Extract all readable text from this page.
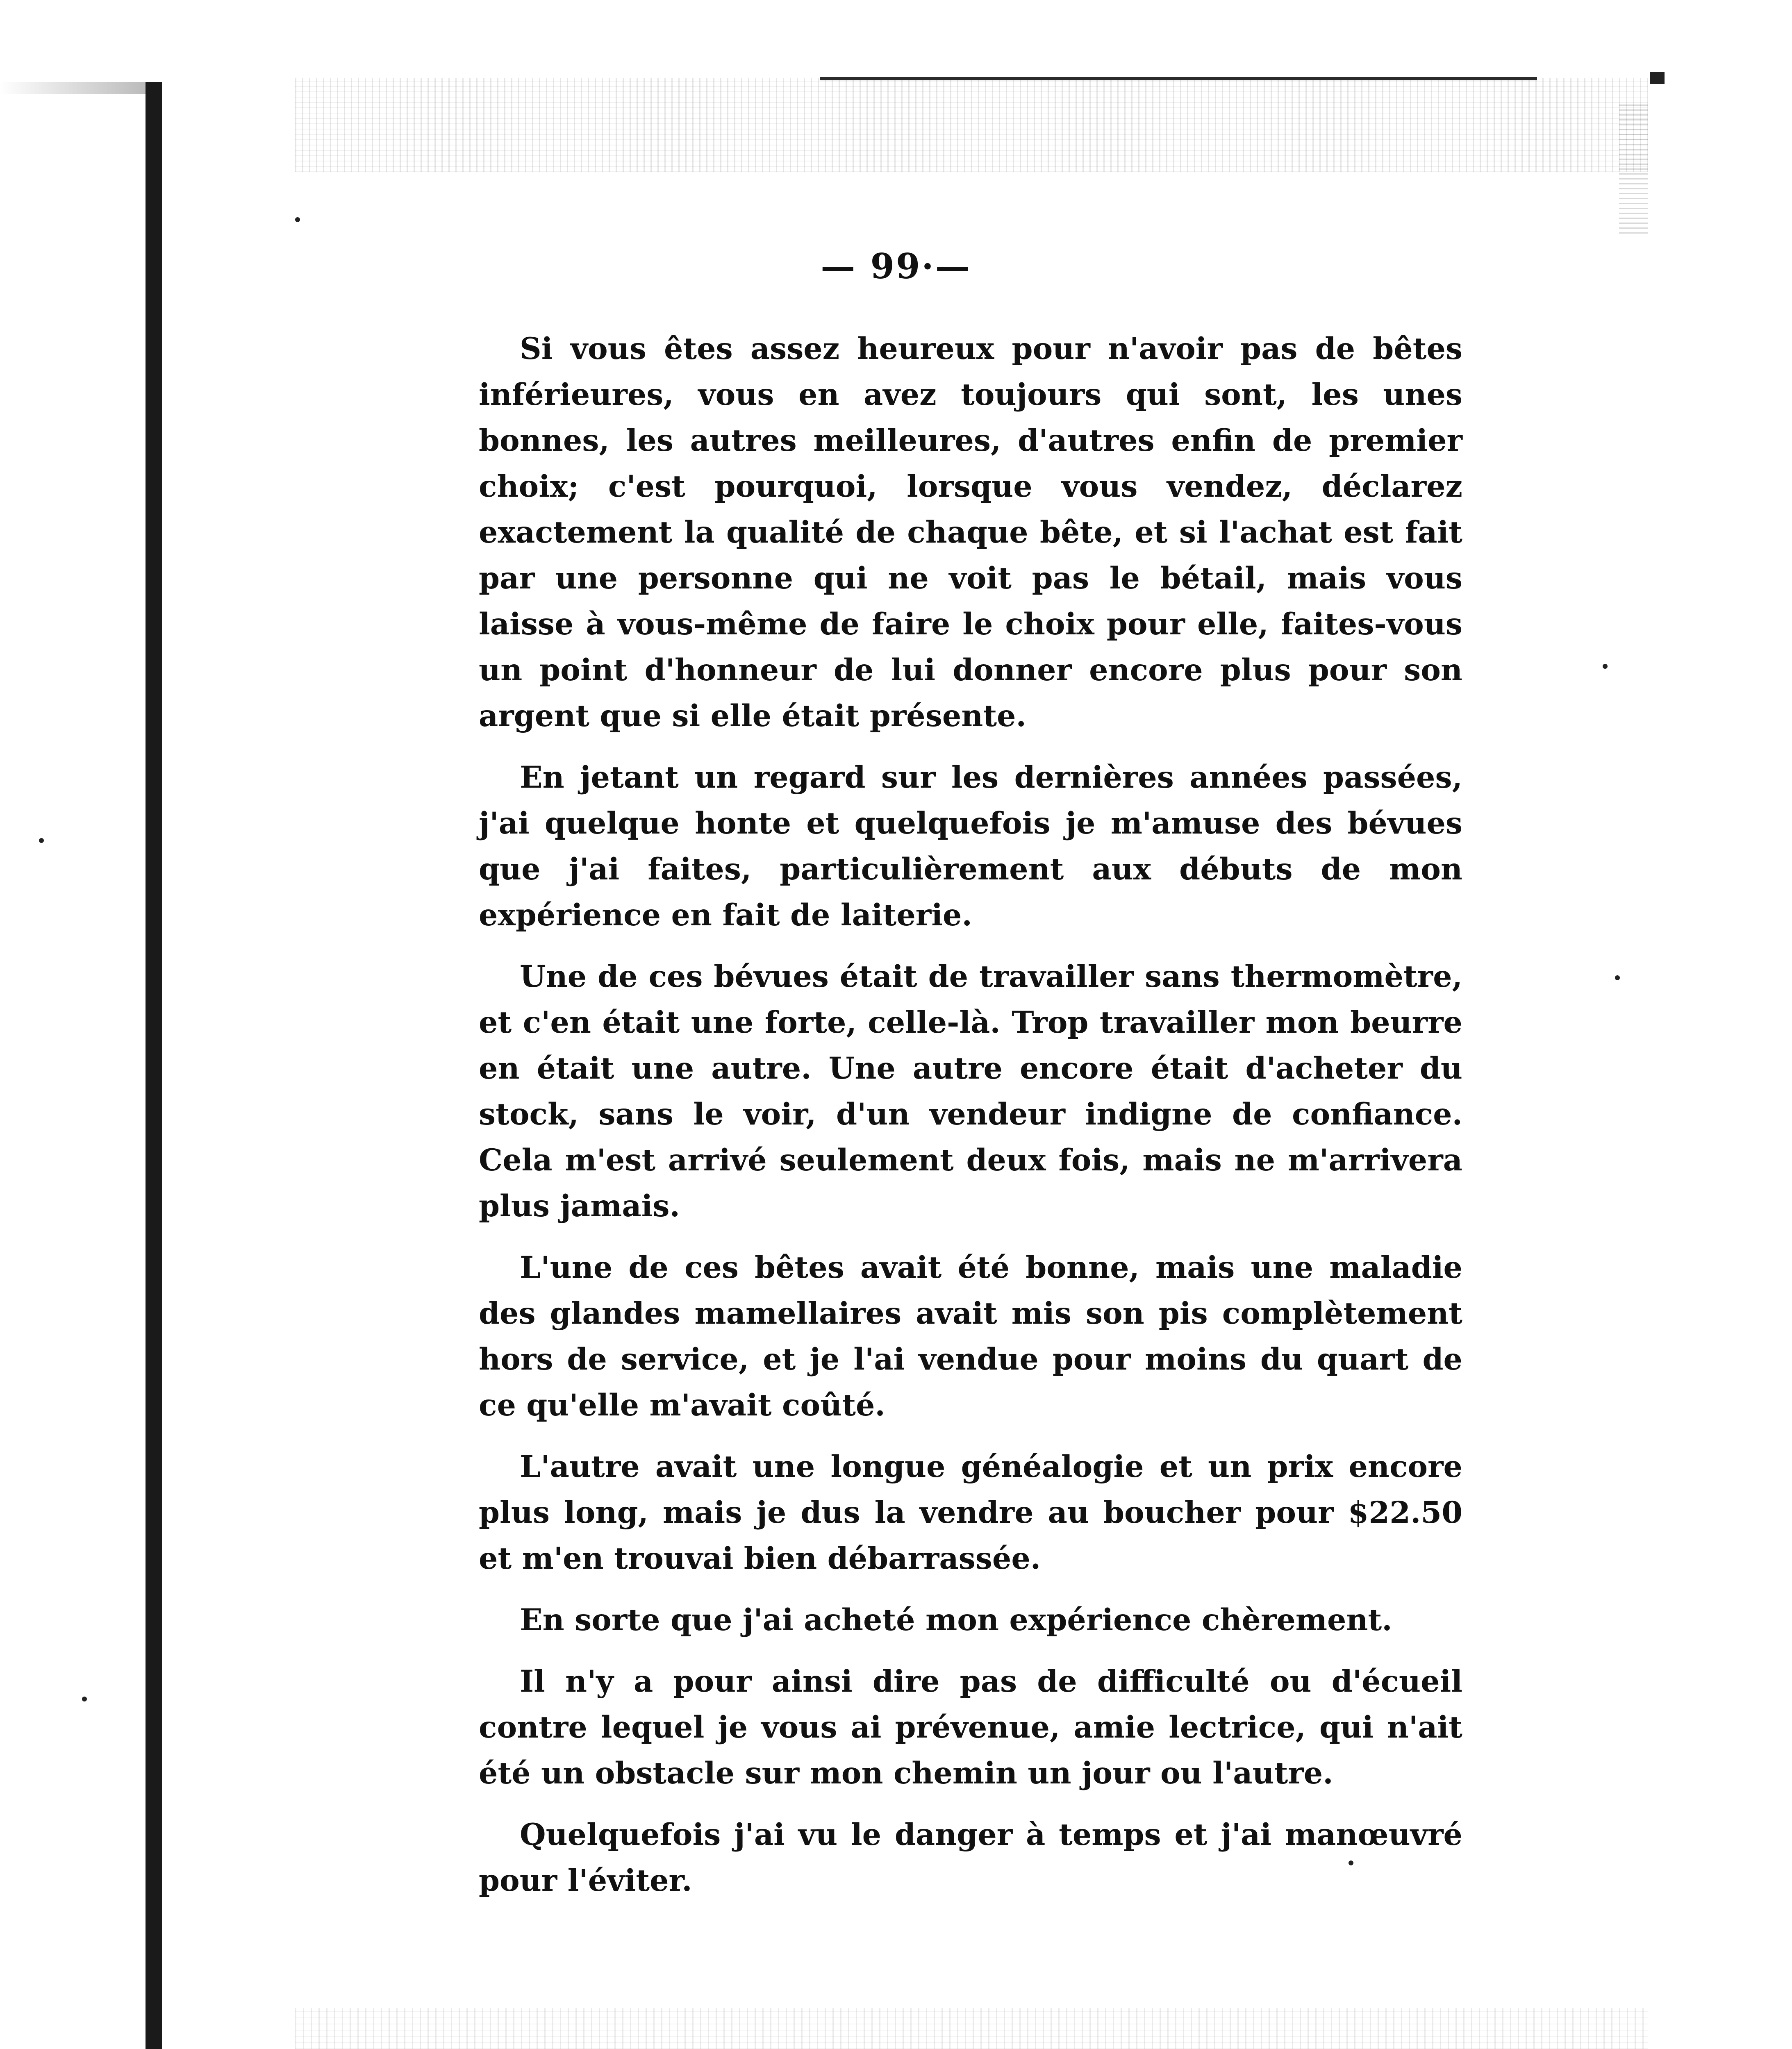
— 99·—

Si vous êtes assez heureux pour n'avoir pas de bêtes inférieures, vous en avez toujours qui sont, les unes bonnes, les autres meilleures, d'autres enfin de premier choix; c'est pourquoi, lorsque vous vendez, déclarez exactement la qualité de chaque bête, et si l'achat est fait par une personne qui ne voit pas le bétail, mais vous laisse à vous-même de faire le choix pour elle, faites-vous un point d'honneur de lui donner encore plus pour son argent que si elle était présente.

En jetant un regard sur les dernières années passées, j'ai quelque honte et quelquefois je m'amuse des bévues que j'ai faites, particulièrement aux débuts de mon expérience en fait de laiterie.

Une de ces bévues était de travailler sans thermomètre, et c'en était une forte, celle-là. Trop travailler mon beurre en était une autre. Une autre encore était d'acheter du stock, sans le voir, d'un vendeur indigne de confiance. Cela m'est arrivé seulement deux fois, mais ne m'arrivera plus jamais.

L'une de ces bêtes avait été bonne, mais une maladie des glandes mamellaires avait mis son pis complètement hors de service, et je l'ai vendue pour moins du quart de ce qu'elle m'avait coûté.

L'autre avait une longue généalogie et un prix encore plus long, mais je dus la vendre au boucher pour $22.50 et m'en trouvai bien débarrassée.

En sorte que j'ai acheté mon expérience chèrement.

Il n'y a pour ainsi dire pas de difficulté ou d'écueil contre lequel je vous ai prévenue, amie lectrice, qui n'ait été un obstacle sur mon chemin un jour ou l'autre.

Quelquefois j'ai vu le danger à temps et j'ai manœuvré pour l'éviter.
